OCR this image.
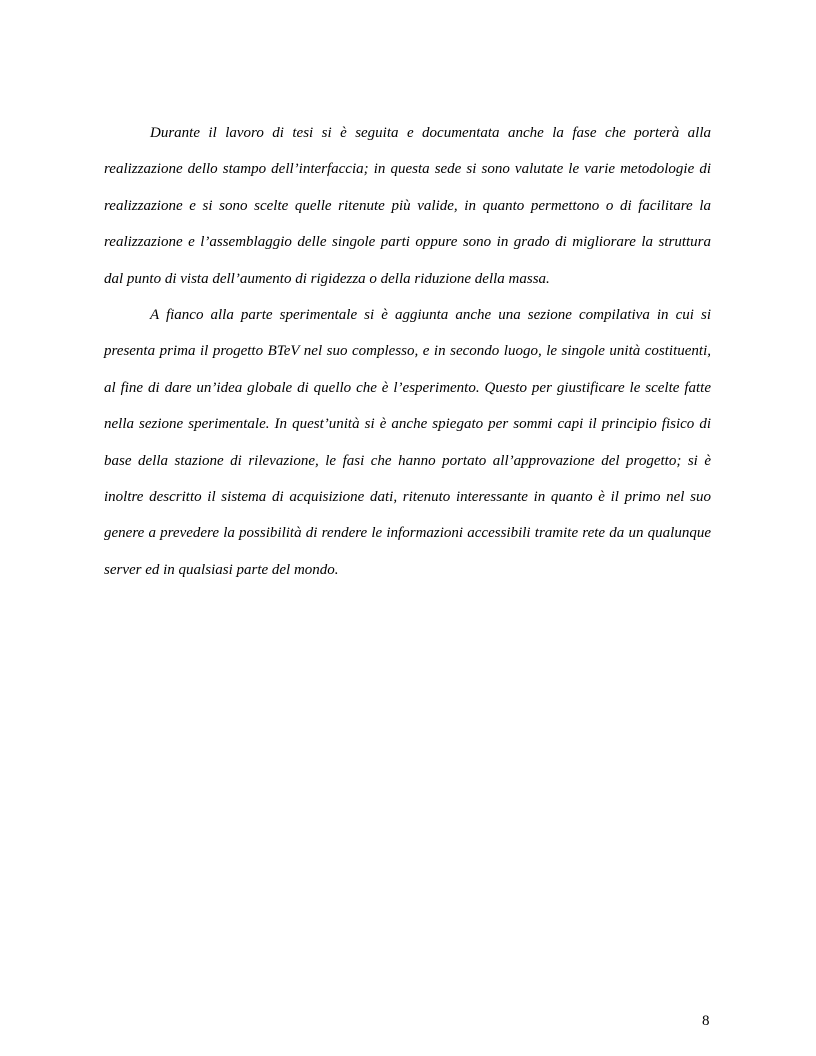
Durante il lavoro di tesi si è seguita e documentata anche la fase che porterà alla realizzazione dello stampo dell’interfaccia; in questa sede si sono valutate le varie metodologie di realizzazione e si sono scelte quelle ritenute più valide, in quanto permettono o di facilitare la realizzazione e l’assemblaggio delle singole parti oppure sono in grado di migliorare la struttura dal punto di vista dell’aumento di rigidezza o della riduzione della massa.

A fianco alla parte sperimentale si è aggiunta anche una sezione compilativa in cui si presenta prima il progetto BTeV nel suo complesso, e in secondo luogo, le singole unità costituenti, al fine di dare un’idea globale di quello che è l’esperimento. Questo per giustificare le scelte fatte nella sezione sperimentale. In quest’unità si è anche spiegato per sommi capi il principio fisico di base della stazione di rilevazione, le fasi che hanno portato all’approvazione del progetto; si è inoltre descritto il sistema di acquisizione dati, ritenuto interessante in quanto è il primo nel suo genere a prevedere la possibilità di rendere le informazioni accessibili tramite rete da un qualunque server ed in qualsiasi parte del mondo.

8
